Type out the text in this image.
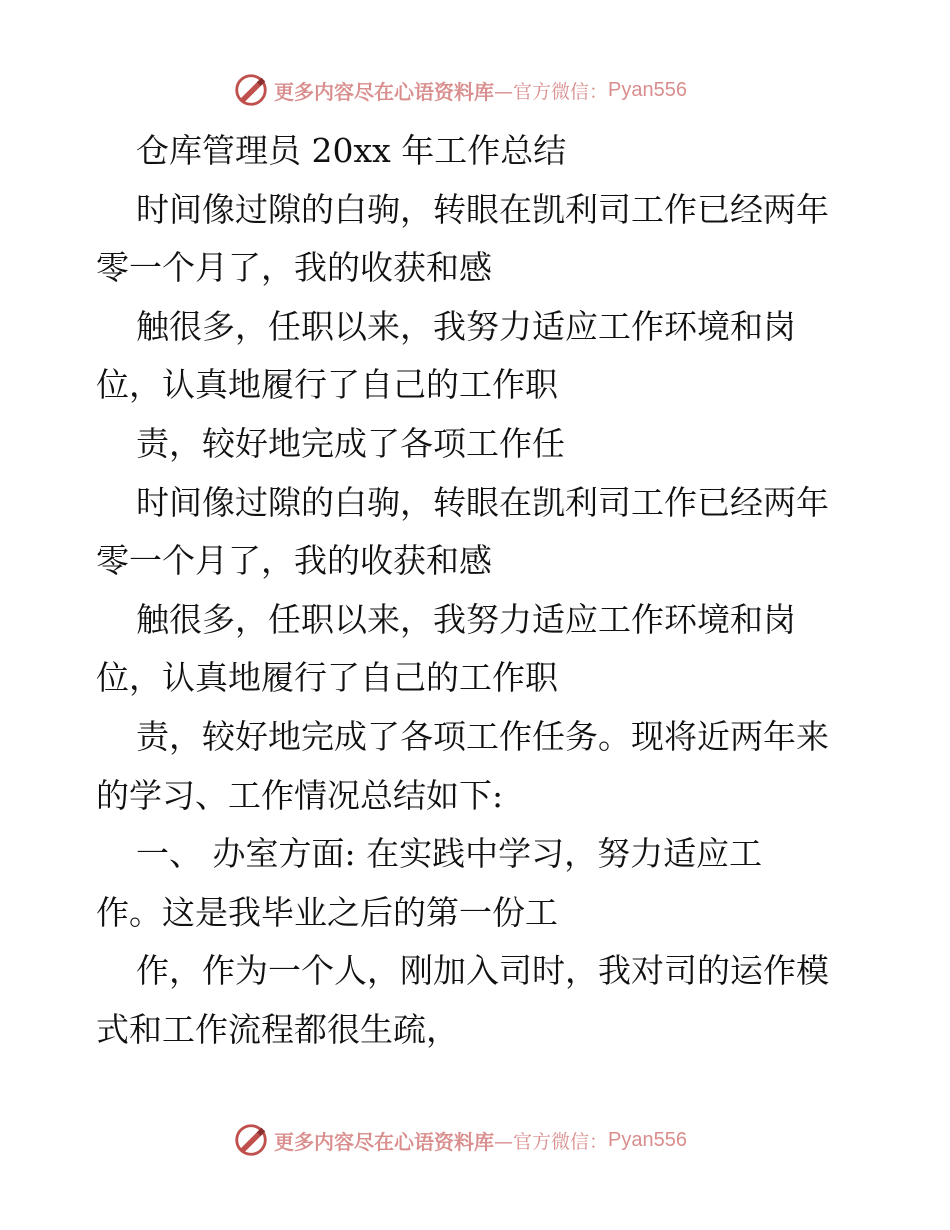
更多内容尽在心语资料库 —官方微信： Pyan556
仓库管理员 20xx 年工作总结
时间像过隙的白驹，转眼在凯利司工作已经两年
零一个月了，我的收获和感
触很多，任职以来，我努力适应工作环境和岗
位，认真地履行了自己的工作职
责，较好地完成了各项工作任
时间像过隙的白驹，转眼在凯利司工作已经两年
零一个月了，我的收获和感
触很多，任职以来，我努力适应工作环境和岗
位，认真地履行了自己的工作职
责，较好地完成了各项工作任务。现将近两年来
的学习、工作情况总结如下:
一、 办室方面: 在实践中学习，努力适应工
作。这是我毕业之后的第一份工
作，作为一个人，刚加入司时，我对司的运作模
式和工作流程都很生疏，
更多内容尽在心语资料库 —官方微信： Pyan556
